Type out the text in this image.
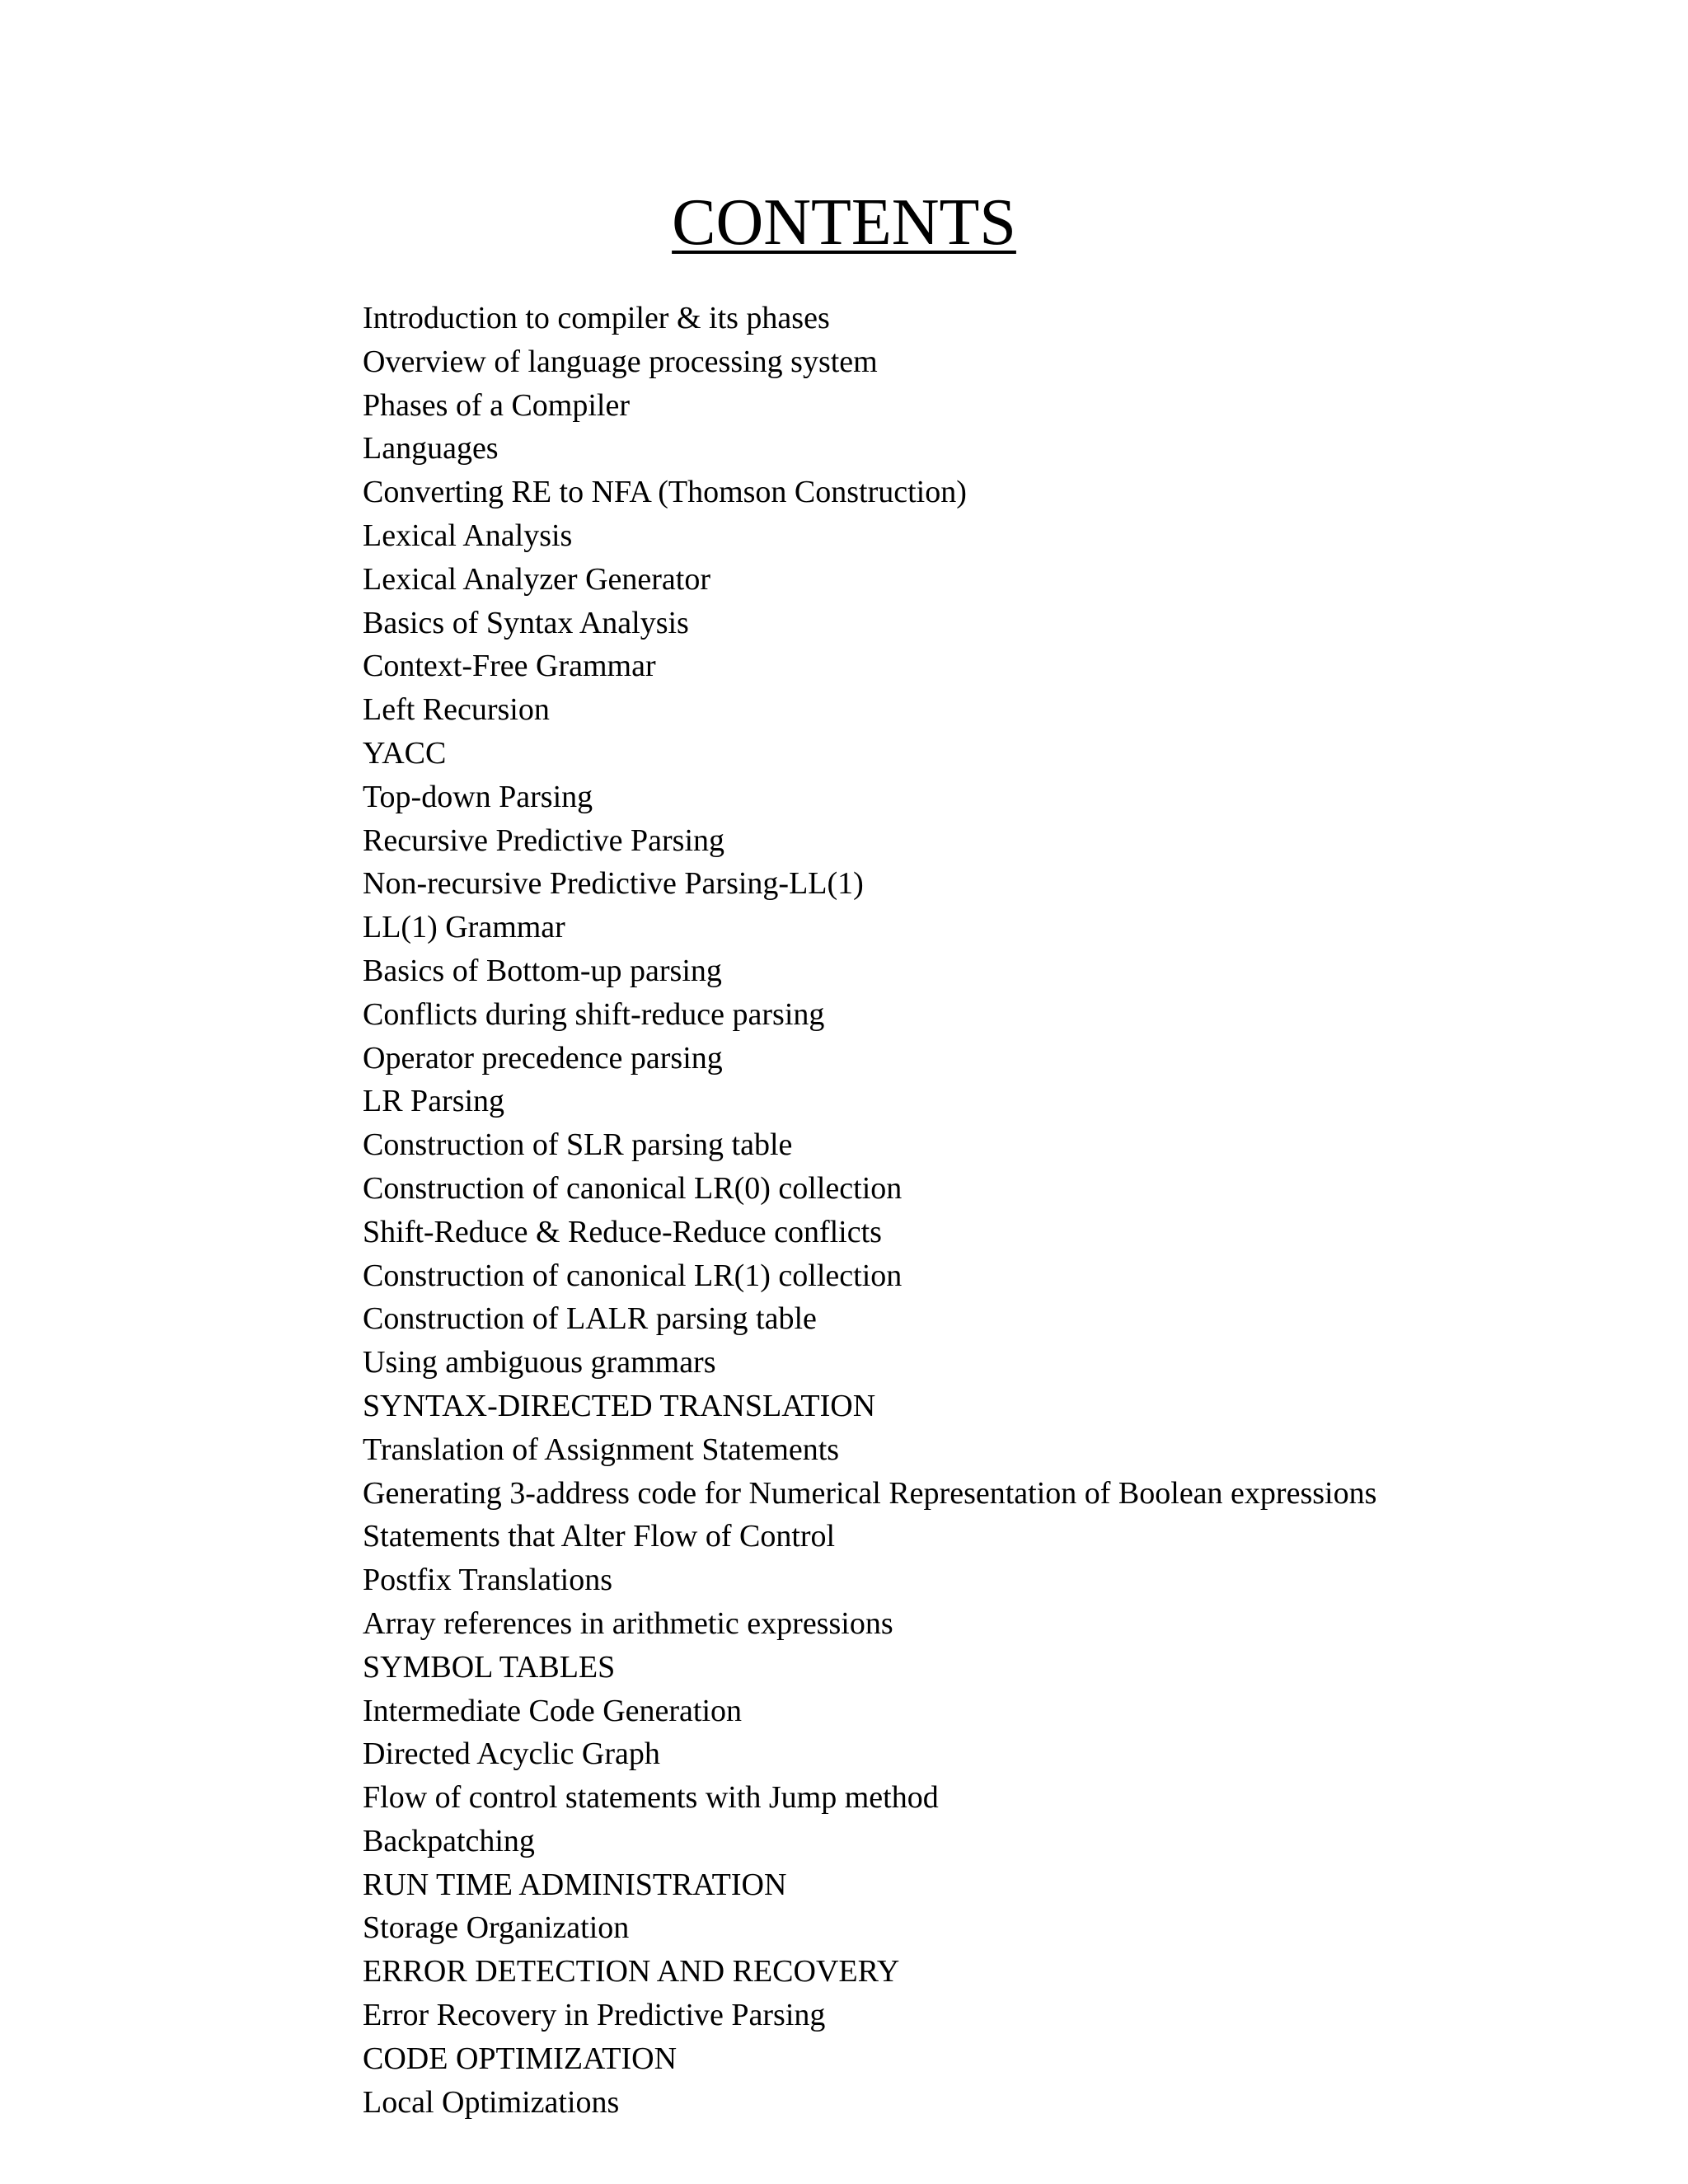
CONTENTS
Introduction to compiler & its phases
Overview of language processing system
Phases of a Compiler
Languages
Converting RE to NFA (Thomson Construction)
Lexical Analysis
Lexical Analyzer Generator
Basics of Syntax Analysis
Context-Free Grammar
Left Recursion
YACC
Top-down Parsing
Recursive Predictive Parsing
Non-recursive Predictive Parsing-LL(1)
LL(1) Grammar
Basics of Bottom-up parsing
Conflicts during shift-reduce parsing
Operator precedence parsing
LR Parsing
Construction of SLR parsing table
Construction of canonical LR(0) collection
Shift-Reduce & Reduce-Reduce conflicts
Construction of canonical LR(1) collection
Construction of LALR parsing table
Using ambiguous grammars
SYNTAX-DIRECTED TRANSLATION
Translation of Assignment Statements
Generating 3-address code for Numerical Representation of Boolean expressions
Statements that Alter Flow of Control
Postfix Translations
Array references in arithmetic expressions
SYMBOL TABLES
Intermediate Code Generation
Directed Acyclic Graph
Flow of control statements with Jump method
Backpatching
RUN TIME ADMINISTRATION
Storage Organization
ERROR DETECTION AND RECOVERY
Error Recovery in Predictive Parsing
CODE OPTIMIZATION
Local Optimizations
